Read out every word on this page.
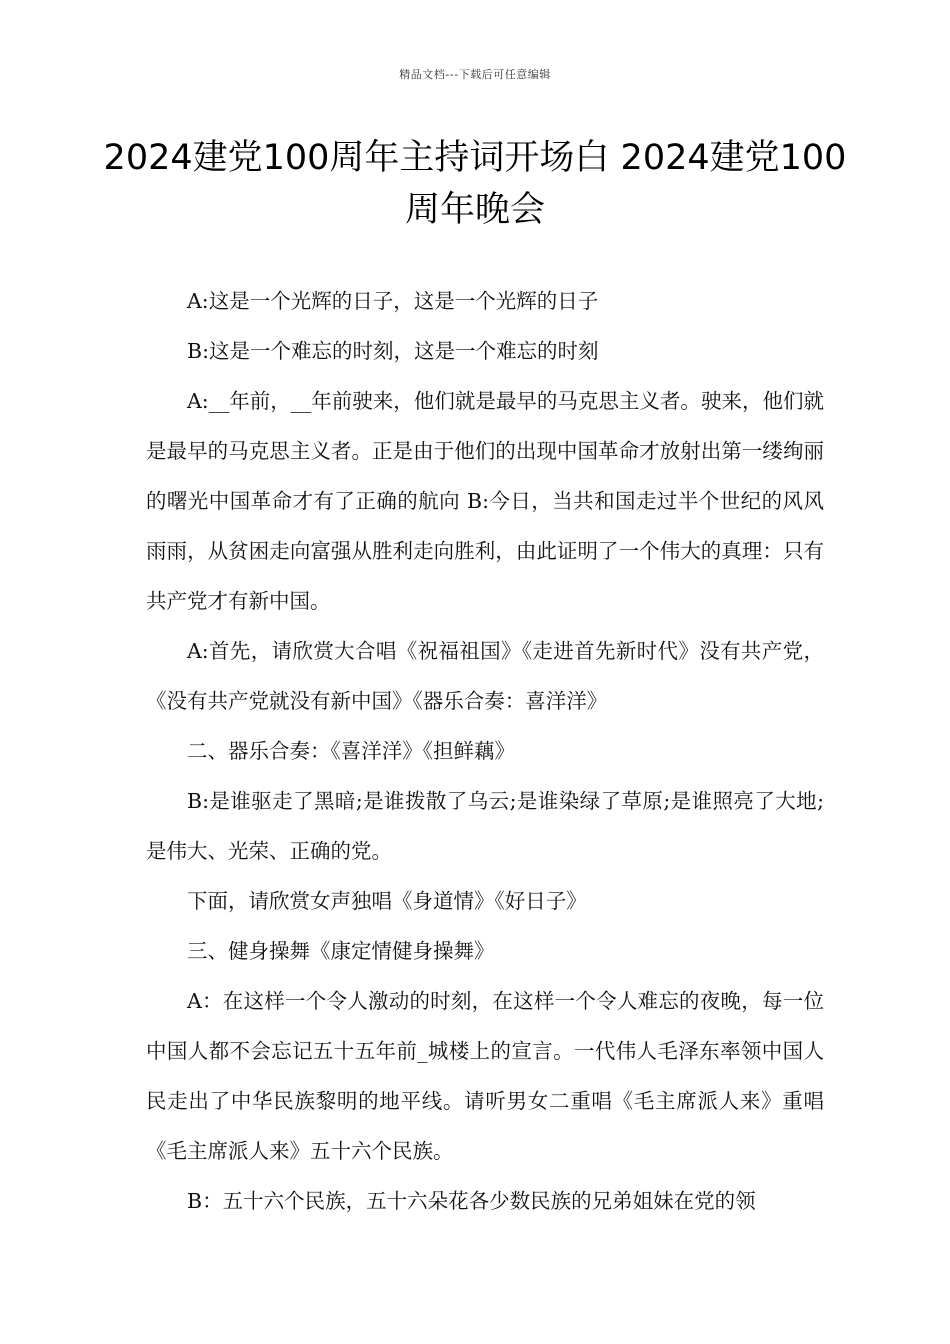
精品文档---下载后可任意编辑
2024建党100周年主持词开场白 2024建党100周年晚会

A:这是一个光辉的日子，这是一个光辉的日子

B:这是一个难忘的时刻，这是一个难忘的时刻

A:__年前，__年前驶来，他们就是最早的马克思主义者。驶来，他们就是最早的马克思主义者。正是由于他们的出现中国革命才放射出第一缕绚丽的曙光中国革命才有了正确的航向 B:今日，当共和国走过半个世纪的风风雨雨，从贫困走向富强从胜利走向胜利，由此证明了一个伟大的真理：只有共产党才有新中国。

A:首先，请欣赏大合唱《祝福祖国》《走进首先新时代》没有共产党，《没有共产党就没有新中国》《器乐合奏：喜洋洋》

二、器乐合奏：《喜洋洋》《担鲜藕》

B:是谁驱走了黑暗;是谁拨散了乌云;是谁染绿了草原;是谁照亮了大地;是伟大、光荣、正确的党。

下面，请欣赏女声独唱《身道情》《好日子》

三、健身操舞《康定情健身操舞》

A：在这样一个令人激动的时刻，在这样一个令人难忘的夜晚，每一位中国人都不会忘记五十五年前_城楼上的宣言。一代伟人毛泽东率领中国人民走出了中华民族黎明的地平线。请听男女二重唱《毛主席派人来》重唱《毛主席派人来》五十六个民族。

B：五十六个民族，五十六朵花各少数民族的兄弟姐妹在党的领
